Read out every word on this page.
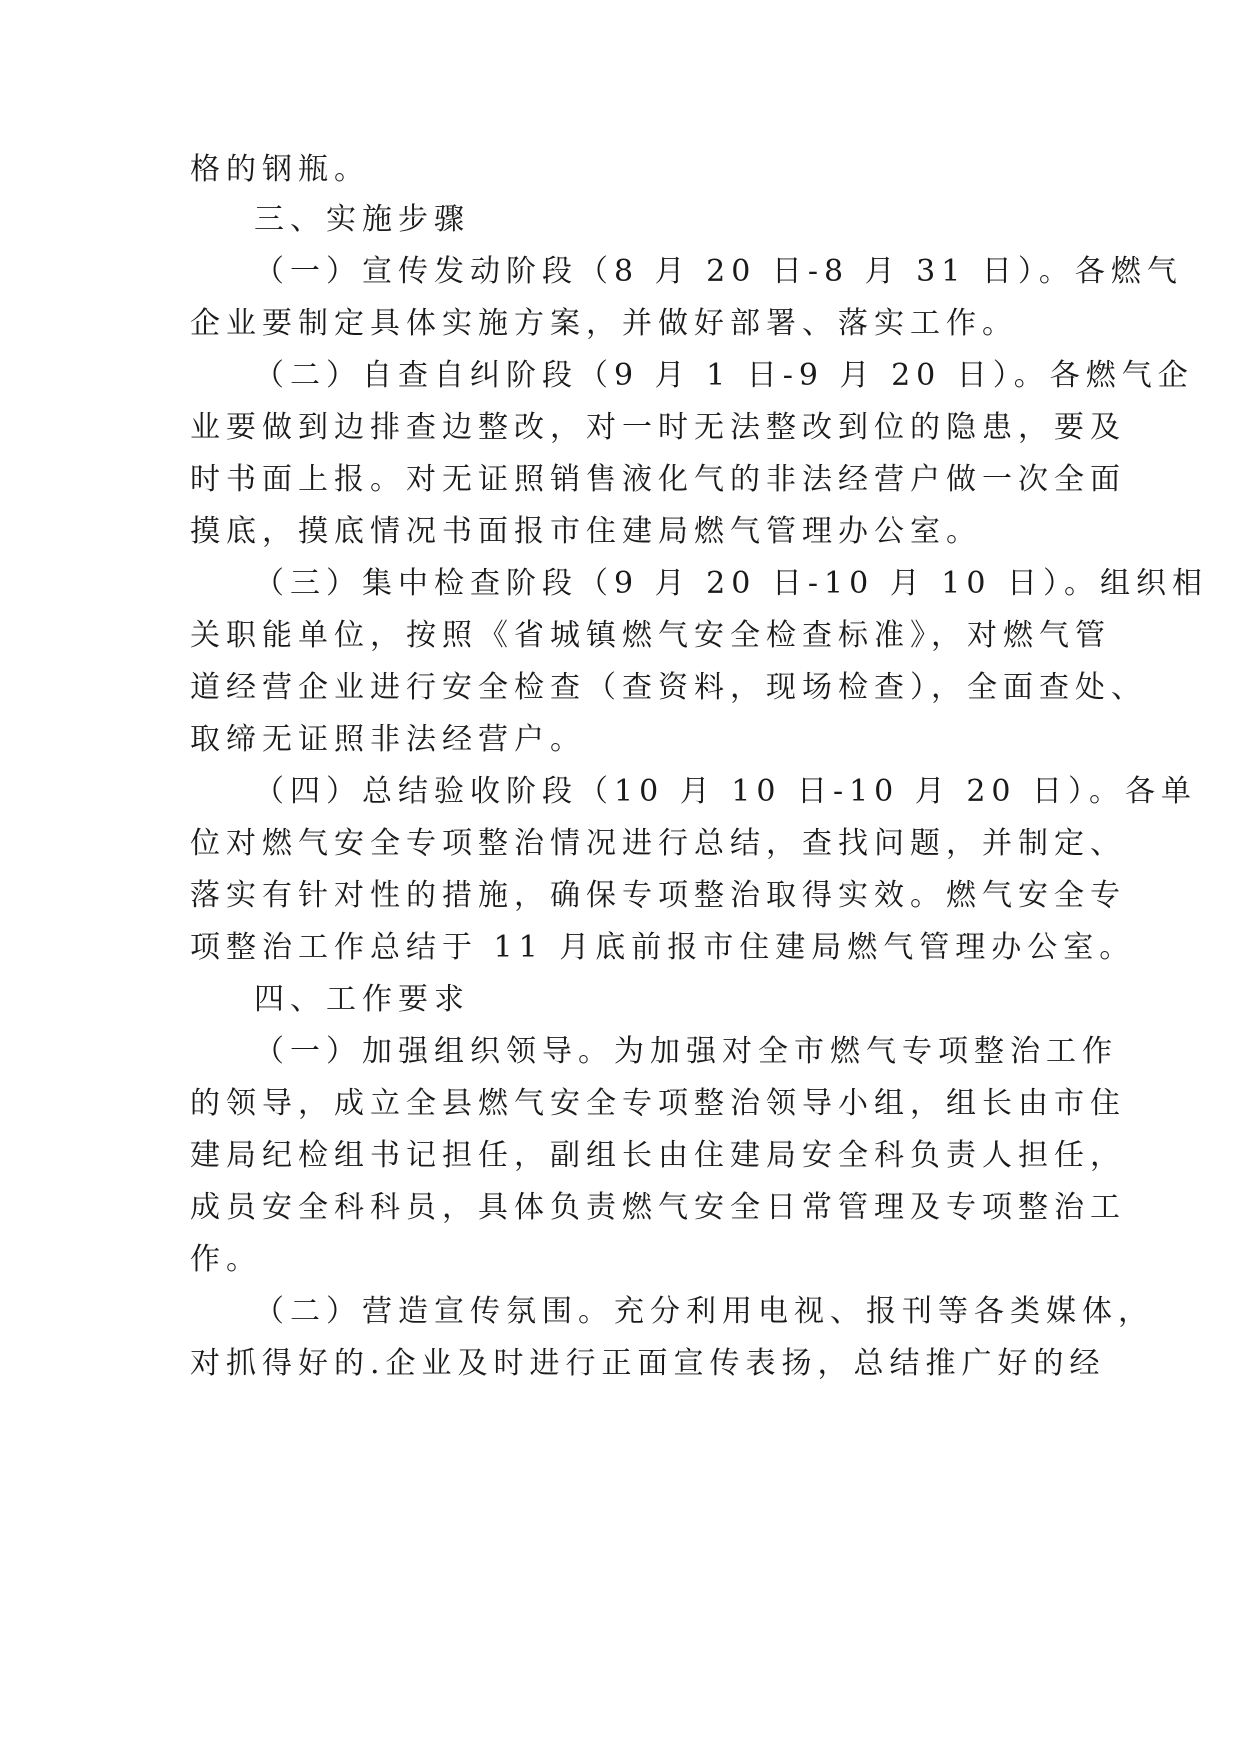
格的钢瓶。
三、实施步骤
（一）宣传发动阶段（8 月 20 日-8 月 31 日）。各燃气
企业要制定具体实施方案，并做好部署、落实工作。
（二）自查自纠阶段（9 月 1 日-9 月 20 日）。各燃气企
业要做到边排查边整改，对一时无法整改到位的隐患，要及
时书面上报。对无证照销售液化气的非法经营户做一次全面
摸底，摸底情况书面报市住建局燃气管理办公室。
（三）集中检查阶段（9 月 20 日-10 月 10 日）。组织相
关职能单位，按照《省城镇燃气安全检查标准》，对燃气管
道经营企业进行安全检查（查资料，现场检查），全面查处、
取缔无证照非法经营户。
（四）总结验收阶段（10 月 10 日-10 月 20 日）。各单
位对燃气安全专项整治情况进行总结，查找问题，并制定、
落实有针对性的措施，确保专项整治取得实效。燃气安全专
项整治工作总结于 11 月底前报市住建局燃气管理办公室。
四、工作要求
（一）加强组织领导。为加强对全市燃气专项整治工作
的领导，成立全县燃气安全专项整治领导小组，组长由市住
建局纪检组书记担任，副组长由住建局安全科负责人担任，
成员安全科科员，具体负责燃气安全日常管理及专项整治工
作。
（二）营造宣传氛围。充分利用电视、报刊等各类媒体，
对抓得好的.企业及时进行正面宣传表扬，总结推广好的经
